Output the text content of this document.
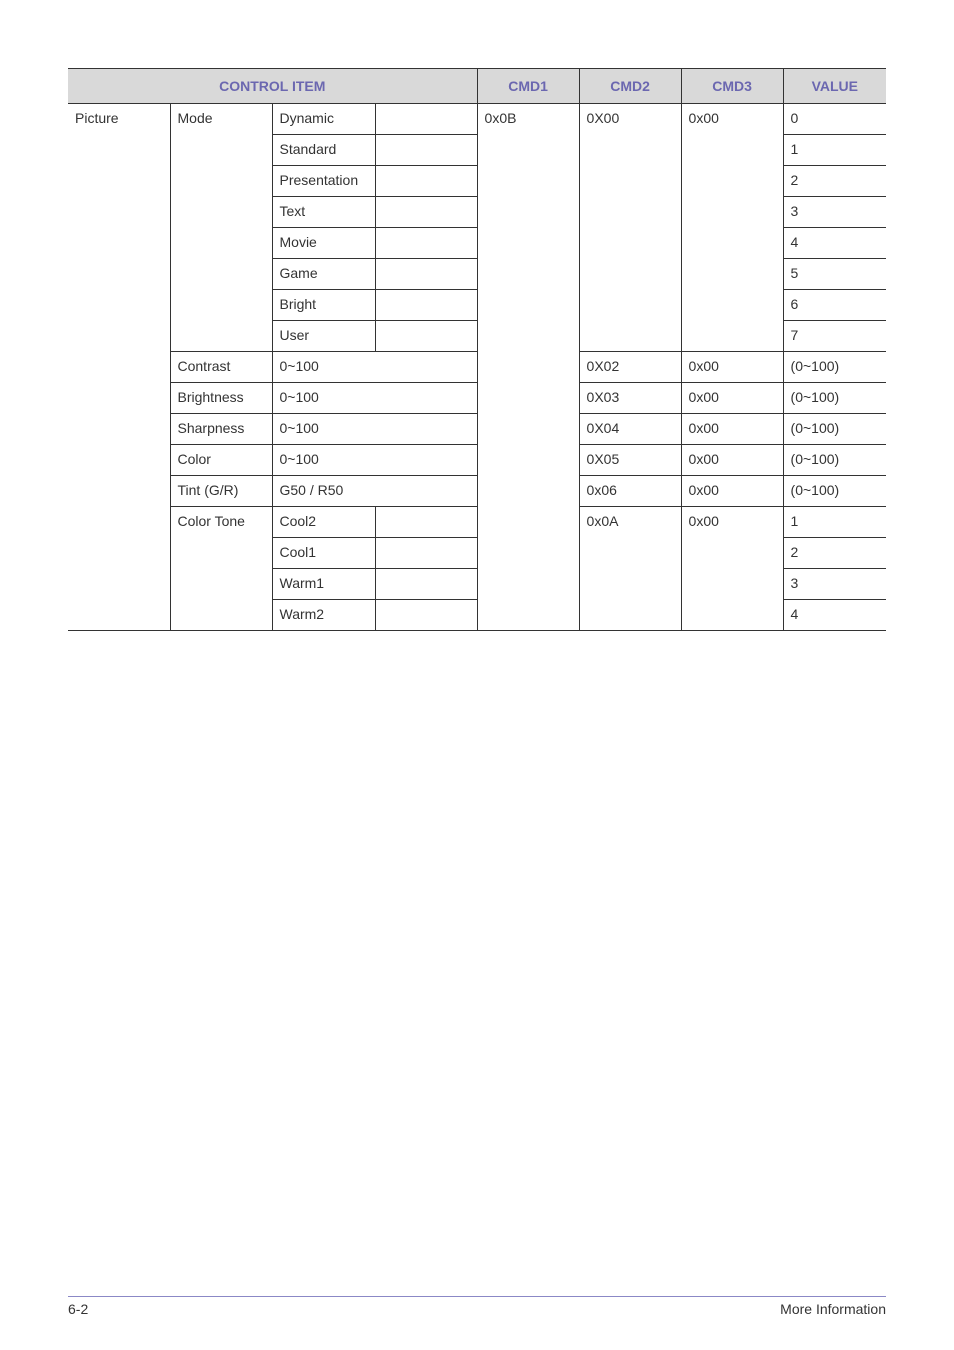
CONTROL ITEM				CMD1	CMD2	CMD3	VALUE
Picture	Mode	Dynamic		0x0B	0X00	0x00	0
		Standard					1
		Presentation					2
		Text					3
		Movie					4
		Game					5
		Bright					6
		User					7
	Contrast	0~100			0X02	0x00	(0~100)
	Brightness	0~100			0X03	0x00	(0~100)
	Sharpness	0~100			0X04	0x00	(0~100)
	Color	0~100			0X05	0x00	(0~100)
	Tint (G/R)	G50 / R50			0x06	0x00	(0~100)
	Color Tone	Cool2			0x0A	0x00	1
		Cool1					2
		Warm1					3
		Warm2					4
6-2	More Information
